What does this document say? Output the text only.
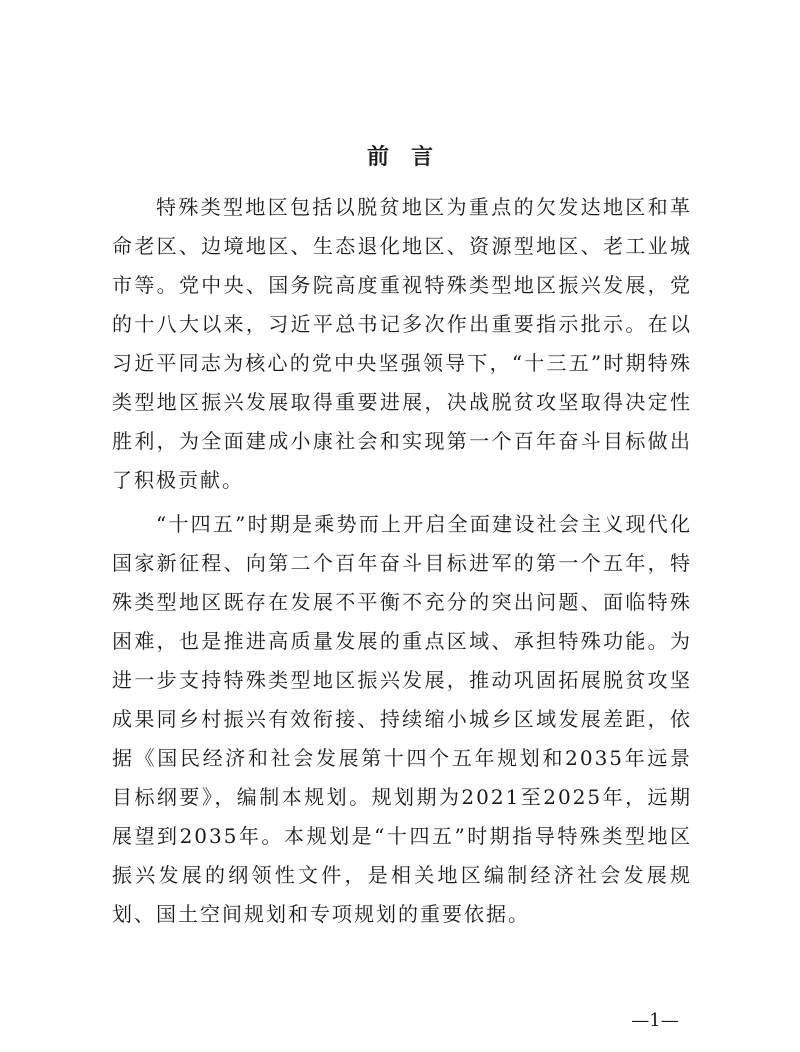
前言

特殊类型地区包括以脱贫地区为重点的欠发达地区和革命老区、边境地区、生态退化地区、资源型地区、老工业城市等。党中央、国务院高度重视特殊类型地区振兴发展，党的十八大以来，习近平总书记多次作出重要指示批示。在以习近平同志为核心的党中央坚强领导下，“十三五”时期特殊类型地区振兴发展取得重要进展，决战脱贫攻坚取得决定性胜利，为全面建成小康社会和实现第一个百年奋斗目标做出了积极贡献。

“十四五”时期是乘势而上开启全面建设社会主义现代化国家新征程、向第二个百年奋斗目标进军的第一个五年，特殊类型地区既存在发展不平衡不充分的突出问题、面临特殊困难，也是推进高质量发展的重点区域、承担特殊功能。为进一步支持特殊类型地区振兴发展，推动巩固拓展脱贫攻坚成果同乡村振兴有效衔接、持续缩小城乡区域发展差距，依据《国民经济和社会发展第十四个五年规划和2035年远景目标纲要》，编制本规划。规划期为2021至2025年，远期展望到2035年。本规划是“十四五”时期指导特殊类型地区振兴发展的纲领性文件，是相关地区编制经济社会发展规划、国土空间规划和专项规划的重要依据。

—1—
